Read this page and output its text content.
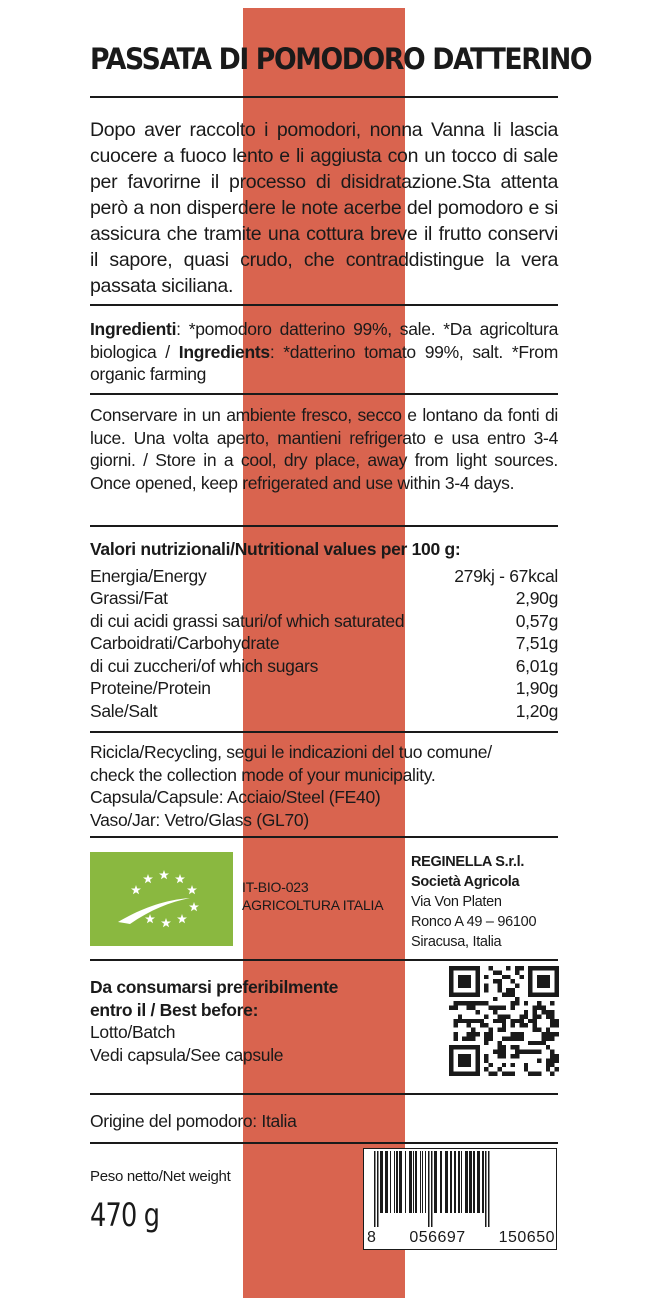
PASSATA DI POMODORO DATTERINO
Dopo aver raccolto i pomodori, nonna Vanna li lascia cuocere a fuoco lento e li aggiusta con un tocco di sale per favorirne il processo di disidratazione.Sta attenta però a non disperdere le note acerbe del pomodoro e si assicura che tramite una cottura breve il frutto conservi il sapore, quasi crudo, che contraddistingue la vera passata siciliana.
Ingredienti: *pomodoro datterino 99%, sale. *Da agricoltura biologica / Ingredients: *datterino tomato 99%, salt. *From organic farming
Conservare in un ambiente fresco, secco e lontano da fonti di luce. Una volta aperto, mantieni refrigerato e usa entro 3-4 giorni. / Store in a cool, dry place, away from light sources. Once opened, keep refrigerated and use within 3-4 days.
Valori nutrizionali/Nutritional values per 100 g:
Energia/Energy	279kj - 67kcal
Grassi/Fat	2,90g
di cui acidi grassi saturi/of which saturated	0,57g
Carboidrati/Carbohydrate	7,51g
di cui zuccheri/of which sugars	6,01g
Proteine/Protein	1,90g
Sale/Salt	1,20g
Ricicla/Recycling, segui le indicazioni del tuo comune/
check the collection mode of your municipality.
Capsula/Capsule: Acciaio/Steel (FE40)
Vaso/Jar: Vetro/Glass (GL70)
IT-BIO-023
AGRICOLTURA ITALIA
REGINELLA S.r.l.
Società Agricola
Via Von Platen
Ronco A 49 – 96100
Siracusa, Italia
Da consumarsi preferibilmente
entro il / Best before:
Lotto/Batch
Vedi capsula/See capsule
Origine del pomodoro: Italia
Peso netto/Net weight
470 g
8 056697 150650
